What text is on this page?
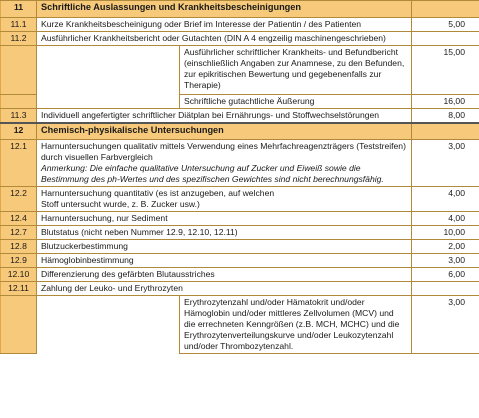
11	Schriftliche Auslassungen und Krankheitsbescheinigungen		
11.1	Kurze Krankheitsbescheinigung oder Brief im Interesse der Patientin / des Patienten		5,00
11.2	Ausführlicher Krankheitsbericht oder Gutachten (DIN A 4 engzeilig maschinengeschrieben)		
		Ausführlicher schriftlicher Krankheits- und Befundbericht (einschließlich Angaben zur Anamnese, zu den Befunden, zur epikritischen Bewertung und gegebenenfalls zur Therapie)	15,00
		Schriftliche gutachtliche Äußerung	16,00
11.3	Individuell angefertigter schriftlicher Diätplan bei Ernährungs- und Stoffwechselstörungen		8,00
12	Chemisch-physikalische Untersuchungen		
12.1	Harnuntersuchungen qualitativ mittels Verwendung eines Mehrfachreagenzträgers (Teststreifen) durch visuellen Farbvergleich
Anmerkung: Die einfache qualitative Untersuchung auf Zucker und Eiweiß sowie die Bestimmung des ph-Wertes und des spezifischen Gewichtes sind nicht berechnungsfähig.		3,00
12.2	Harnuntersuchung quantitativ (es ist anzugeben, auf welchen Stoff untersucht wurde, z. B. Zucker usw.)		4,00
12.4	Harnuntersuchung, nur Sediment		4,00
12.7	Blutstatus (nicht neben Nummer 12.9, 12.10, 12.11)		10,00
12.8	Blutzuckerbestimmung		2,00
12.9	Hämoglobinbestimmung		3,00
12.10	Differenzierung des gefärbten Blutausstriches		6,00
12.11	Zahlung der Leuko- und Erythrozyten		
		Erythrozytenzahl und/oder Hämatokrit und/oder Hämoglobin und/oder mittleres Zellvolumen (MCV) und die errechneten Kenngrößen (z.B. MCH, MCHC) und die Erythrozytenverteilungskurve und/oder Leukozytenzahl und/oder Thrombozytenzahl.	3,00
